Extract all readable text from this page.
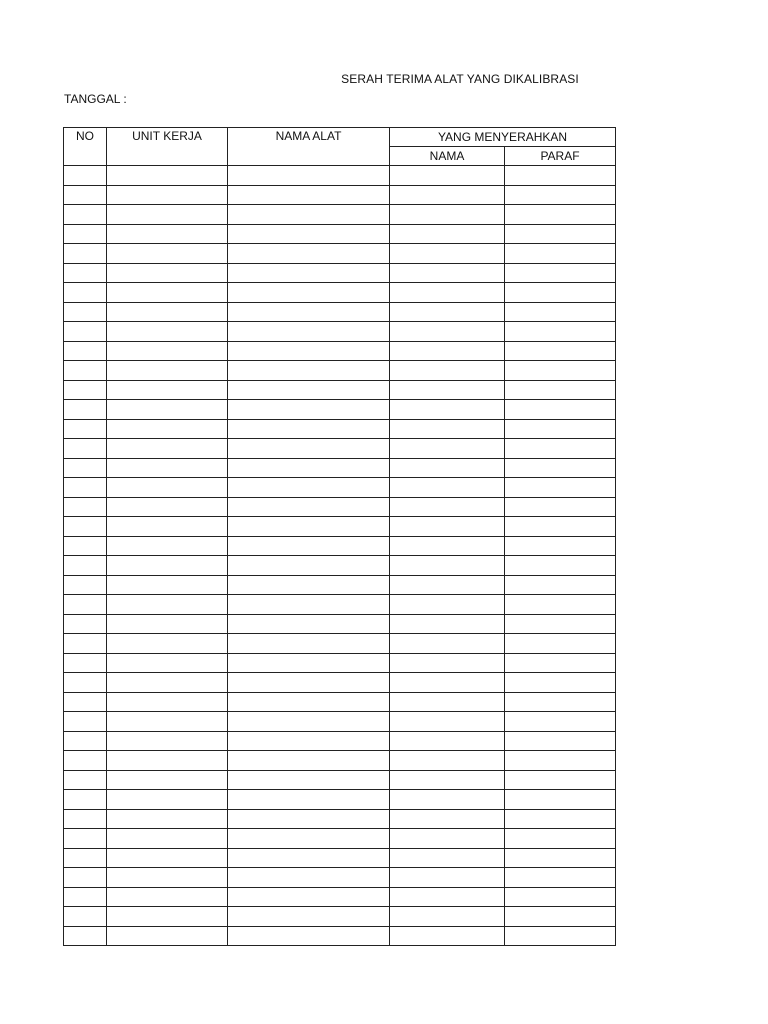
SERAH TERIMA ALAT YANG DIKALIBRASI
TANGGAL :
NO	UNIT KERJA	NAMA ALAT	YANG MENYERAHKAN	
			NAMA	PARAF
